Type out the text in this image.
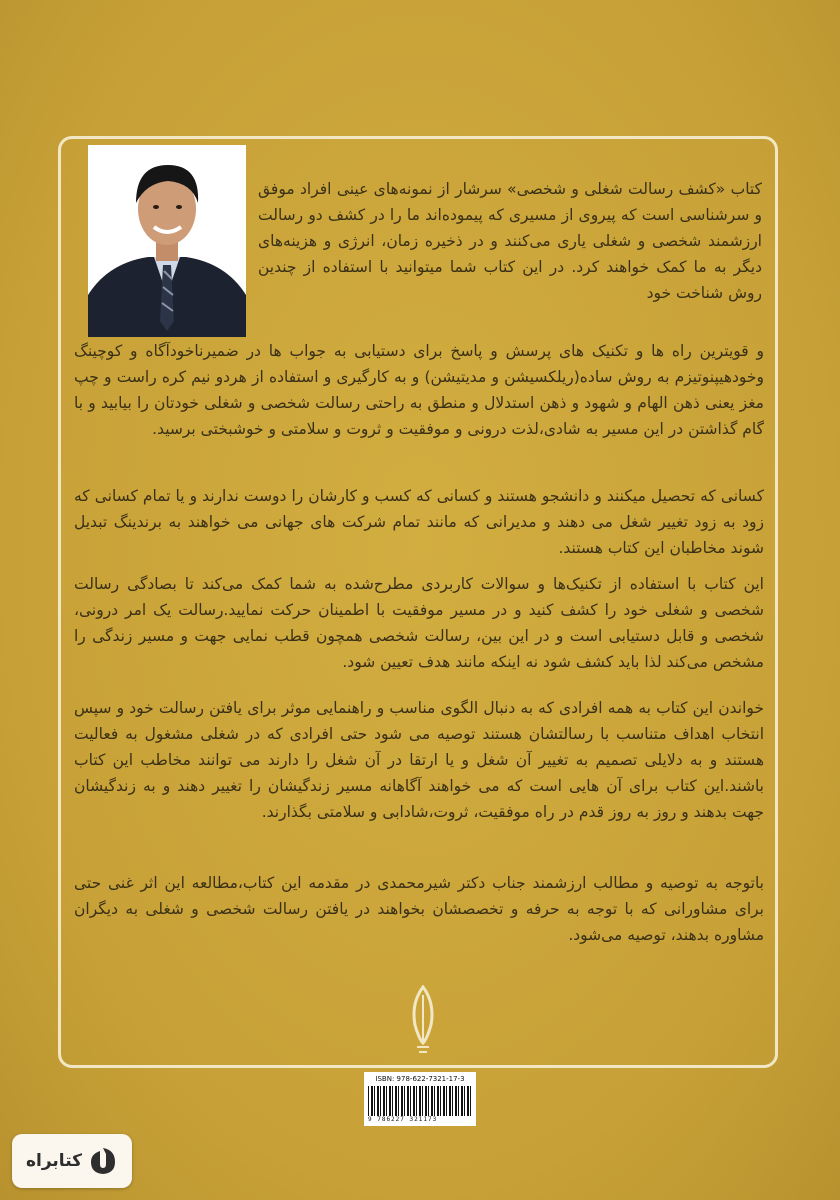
کتاب «کشف رسالت شغلی و شخصی» سرشار از نمونه‌های عینی افراد موفق و سرشناسی است که پیروی از مسیری که پیموده‌اند ما را در کشف دو رسالت ارزشمند شخصی و شغلی یاری می‌کنند و در ذخیره زمان، انرژی و هزینه‌های دیگر به ما کمک خواهند کرد. در این کتاب شما میتوانید با استفاده از چندین روش شناخت خود

و قویترین راه ها و تکنیک های پرسش و پاسخ برای دستیابی به جواب ها در ضمیرناخودآگاه و کوچینگ وخودهیپنوتیزم به روش ساده(ریلکسیشن و مدیتیشن) و به کارگیری و استفاده از هردو نیم کره راست و چپ مغز یعنی ذهن الهام و شهود و ذهن استدلال و منطق به راحتی رسالت شخصی و شغلی خودتان را بیابید و با گام گذاشتن در این مسیر به شادی،لذت درونی و موفقیت و ثروت و سلامتی و خوشبختی برسید.

کسانی که تحصیل میکنند و دانشجو هستند و کسانی که کسب و کارشان را دوست ندارند و یا تمام کسانی که زود به زود تغییر شغل می دهند و مدیرانی که مانند تمام شرکت های جهانی می خواهند به برندینگ تبدیل شوند مخاطبان این کتاب هستند.

این کتاب با استفاده از تکنیک‌ها و سوالات کاربردی مطرح‌شده به شما کمک می‌کند تا بصادگی رسالت شخصی و شغلی خود را کشف کنید و در مسیر موفقیت با اطمینان حرکت نمایید.رسالت یک امر درونی، شخصی و قابل دستیابی است و در این بین، رسالت شخصی همچون قطب نمایی جهت و مسیر زندگی را مشخص می‌کند لذا باید کشف شود نه اینکه مانند هدف تعیین شود.

خواندن این کتاب به همه افرادی که به دنبال الگوی مناسب و راهنمایی موثر برای یافتن رسالت خود و سپس انتخاب اهداف متناسب با رسالتشان هستند توصیه می شود حتی افرادی که در شغلی مشغول به فعالیت هستند و به دلایلی تصمیم به تغییر آن شغل و یا ارتقا در آن شغل را دارند می توانند مخاطب این کتاب باشند.این کتاب برای آن هایی است که می خواهند آگاهانه مسیر زندگیشان را تغییر دهند و به زندگیشان جهت بدهند و روز به روز قدم در راه موفقیت، ثروت،شادابی و سلامتی بگذارند.

باتوجه به توصیه و مطالب ارزشمند جناب دکتر شیرمحمدی در مقدمه این کتاب،مطالعه این اثر غنی حتی برای مشاورانی که با توجه به حرفه و تخصصشان بخواهند در یافتن رسالت شخصی و شغلی به دیگران مشاوره بدهند، توصیه می‌شود.

ISBN: 978-622-7321-17-3
9 786227 321173
کتابراه
